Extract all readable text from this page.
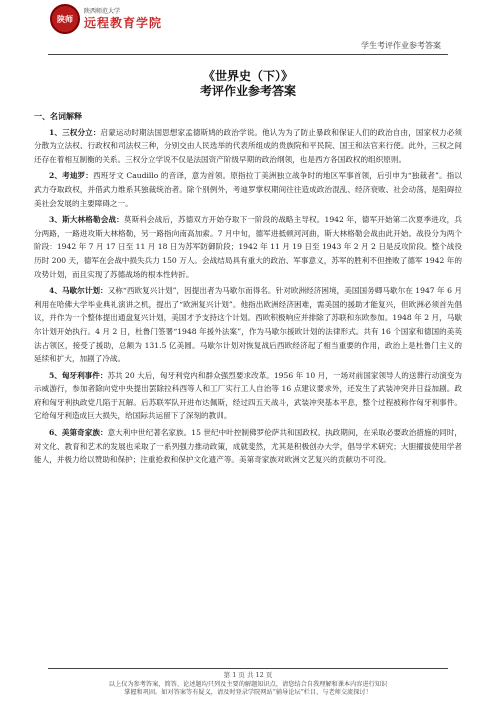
陕师
陕西师范大学
远程教育学院
学生考评作业参考答案
《世界史（下）》
考评作业参考答案
一、名词解释

1、三权分立：启蒙运动时期法国思想家孟德斯鸠的政治学说。他认为为了防止暴政和保证人们的政治自由，国家权力必须分散为立法权、行政权和司法权三种，分别交由人民选举的代表所组成的贵族院和平民院、国王和法官来行使。此外，三权之间还存在着相互制衡的关系。三权分立学说不仅是法国资产阶级早期的政治纲领，也是西方各国政权的组织原则。

2、考迪罗：西班牙文 Caudillo 的音译，意为首领。原指拉丁美洲独立战争时的地区军事首领，后引申为“独裁者”。指以武力夺取政权，并借武力维系其独裁统治者。除个别例外，考迪罗掌权期间往往造成政治混乱、经济衰败、社会动荡，是阻碍拉美社会发展的主要障碍之一。

3、斯大林格勒会战：莫斯科会战后，苏德双方开始夺取下一阶段的战略主导权。1942 年，德军开始第二次夏季进攻，兵分两路，一路进攻斯大林格勒，另一路指向南高加索。7 月中旬，德军进抵顿河河曲，斯大林格勒会战由此开始。战役分为两个阶段：1942 年 7 月 17 日至 11 月 18 日为苏军防御阶段；1942 年 11 月 19 日至 1943 年 2 月 2 日是反攻阶段。整个战役历时 200 天，德军在会战中损失兵力 150 万人。会战结局具有重大的政治、军事意义，苏军的胜利不但挫败了德军 1942 年的攻势计划，而且实现了苏德战场的根本性转折。

4、马歇尔计划：又称“西欧复兴计划”，因提出者为马歇尔而得名。针对欧洲经济困境，美国国务卿马歇尔在 1947 年 6 月利用在哈佛大学毕业典礼演讲之机，提出了“欧洲复兴计划”。他指出欧洲经济困难，需美国的援助才能复兴，但欧洲必须首先倡议，并作为一个整体提出通盘复兴计划，美国才予支持这个计划。西欧积极响应并排除了苏联和东欧参加。1948 年 2 月，马歇尔计划开始执行。4 月 2 日，杜鲁门签署“1948 年援外法案”，作为马歇尔援欧计划的法律形式。共有 16 个国家和德国的美英法占领区，接受了援助，总额为 131.5 亿美圆。马歇尔计划对恢复战后西欧经济起了相当重要的作用，政治上是杜鲁门主义的延续和扩大，加剧了冷战。

5、匈牙利事件：苏共 20 大后，匈牙利党内和群众强烈要求改革。1956 年 10 月，一场对前国家领导人的送葬行动演变为示威游行，参加者除向党中央提出罢除拉科西等人和工厂实行工人自治等 16 点建议要求外，还发生了武装冲突并日益加剧。政府和匈牙利执政党几陷于瓦解。后苏联军队开进布达佩斯，经过四五天战斗，武装冲突基本平息，整个过程被称作匈牙利事件。它给匈牙利造成巨大损失，给国际共运留下了深刻的教训。

6、美第奇家族：意大利中世纪著名家族。15 世纪中叶控制佛罗伦萨共和国政权。执政期间，在采取必要政治措施的同时，对文化、教育和艺术的发展也采取了一系列强力推动政策，成就斐然，尤其是积极创办大学，倡导学术研究；大胆擢拔使用学者能人，并极力给以赞助和保护；注重抢救和保护文化遗产等。美第奇家族对欧洲文艺复兴的贡献功不可没。

第 1 页 共 12 页
以上仅为参考答案，简答、论述题均只列及主要的解题知识点，请您结合自我理解和课本内容进行知识
掌握和巩固。如对答案等有疑义，请及时登录学院网站“辅导论坛”栏目，与老师交流探讨！
